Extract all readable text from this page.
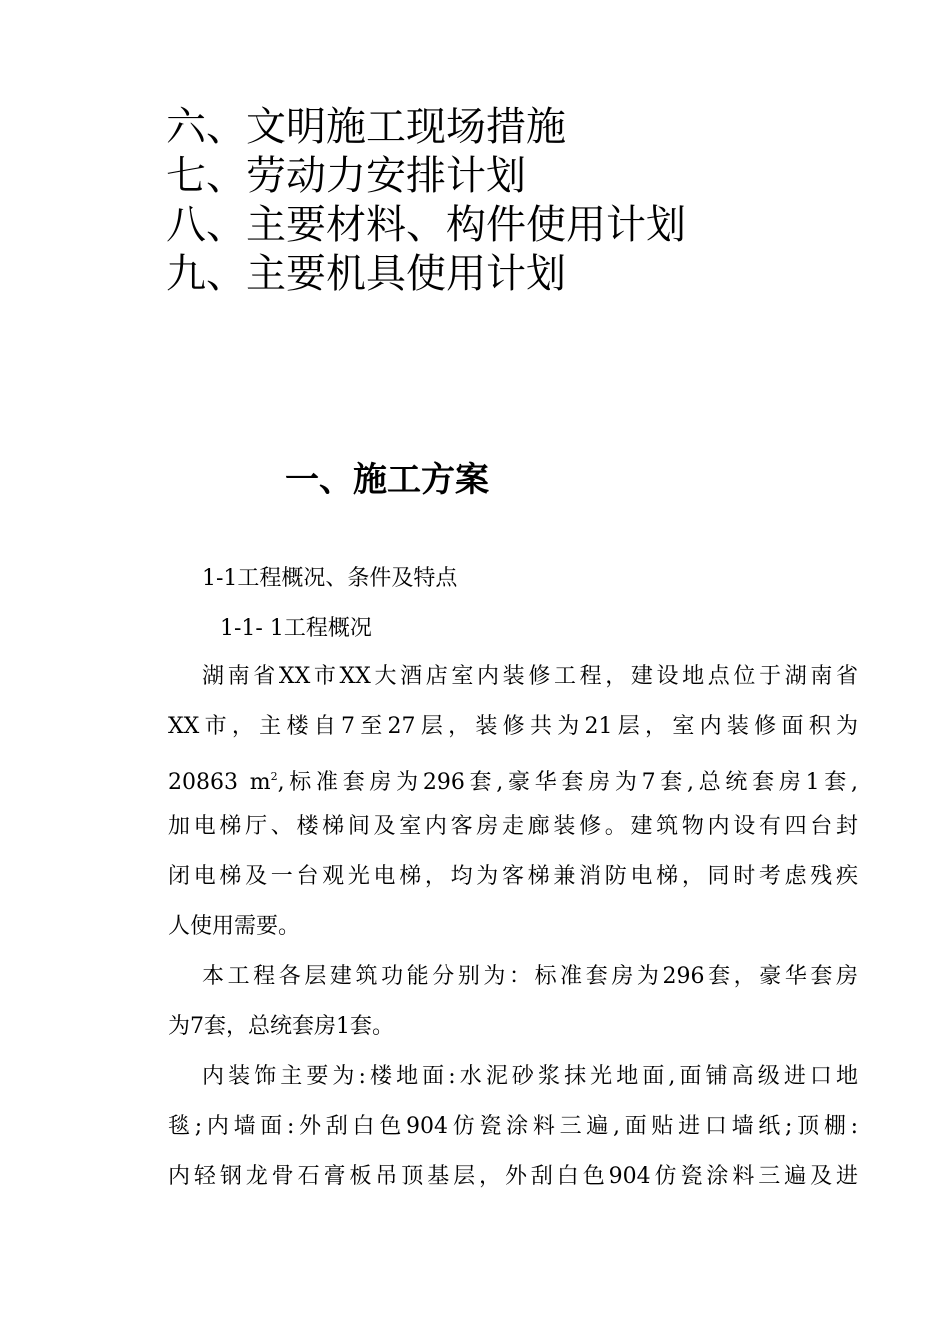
六、文明施工现场措施
七、劳动力安排计划
八、主要材料、构件使用计划
九、主要机具使用计划
一、施工方案
1-1工程概况、条件及特点
1-1- 1工程概况
湖南省XX市XX大酒店室内装修工程，建设地点位于湖南省
XX市，主楼自7至27层，装修共为21层，室内装修面积为
20863 $m^2$,标准套房为296套,豪华套房为7套,总统套房1套,
加电梯厅、楼梯间及室内客房走廊装修。建筑物内设有四台封
闭电梯及一台观光电梯，均为客梯兼消防电梯，同时考虑残疾
人使用需要。
本工程各层建筑功能分别为：标准套房为296套，豪华套房
为7套，总统套房1套。
内装饰主要为:楼地面:水泥砂浆抹光地面,面铺高级进口地
毯;内墙面:外刮白色904仿瓷涂料三遍,面贴进口墙纸;顶棚:
内轻钢龙骨石膏板吊顶基层，外刮白色904仿瓷涂料三遍及进
